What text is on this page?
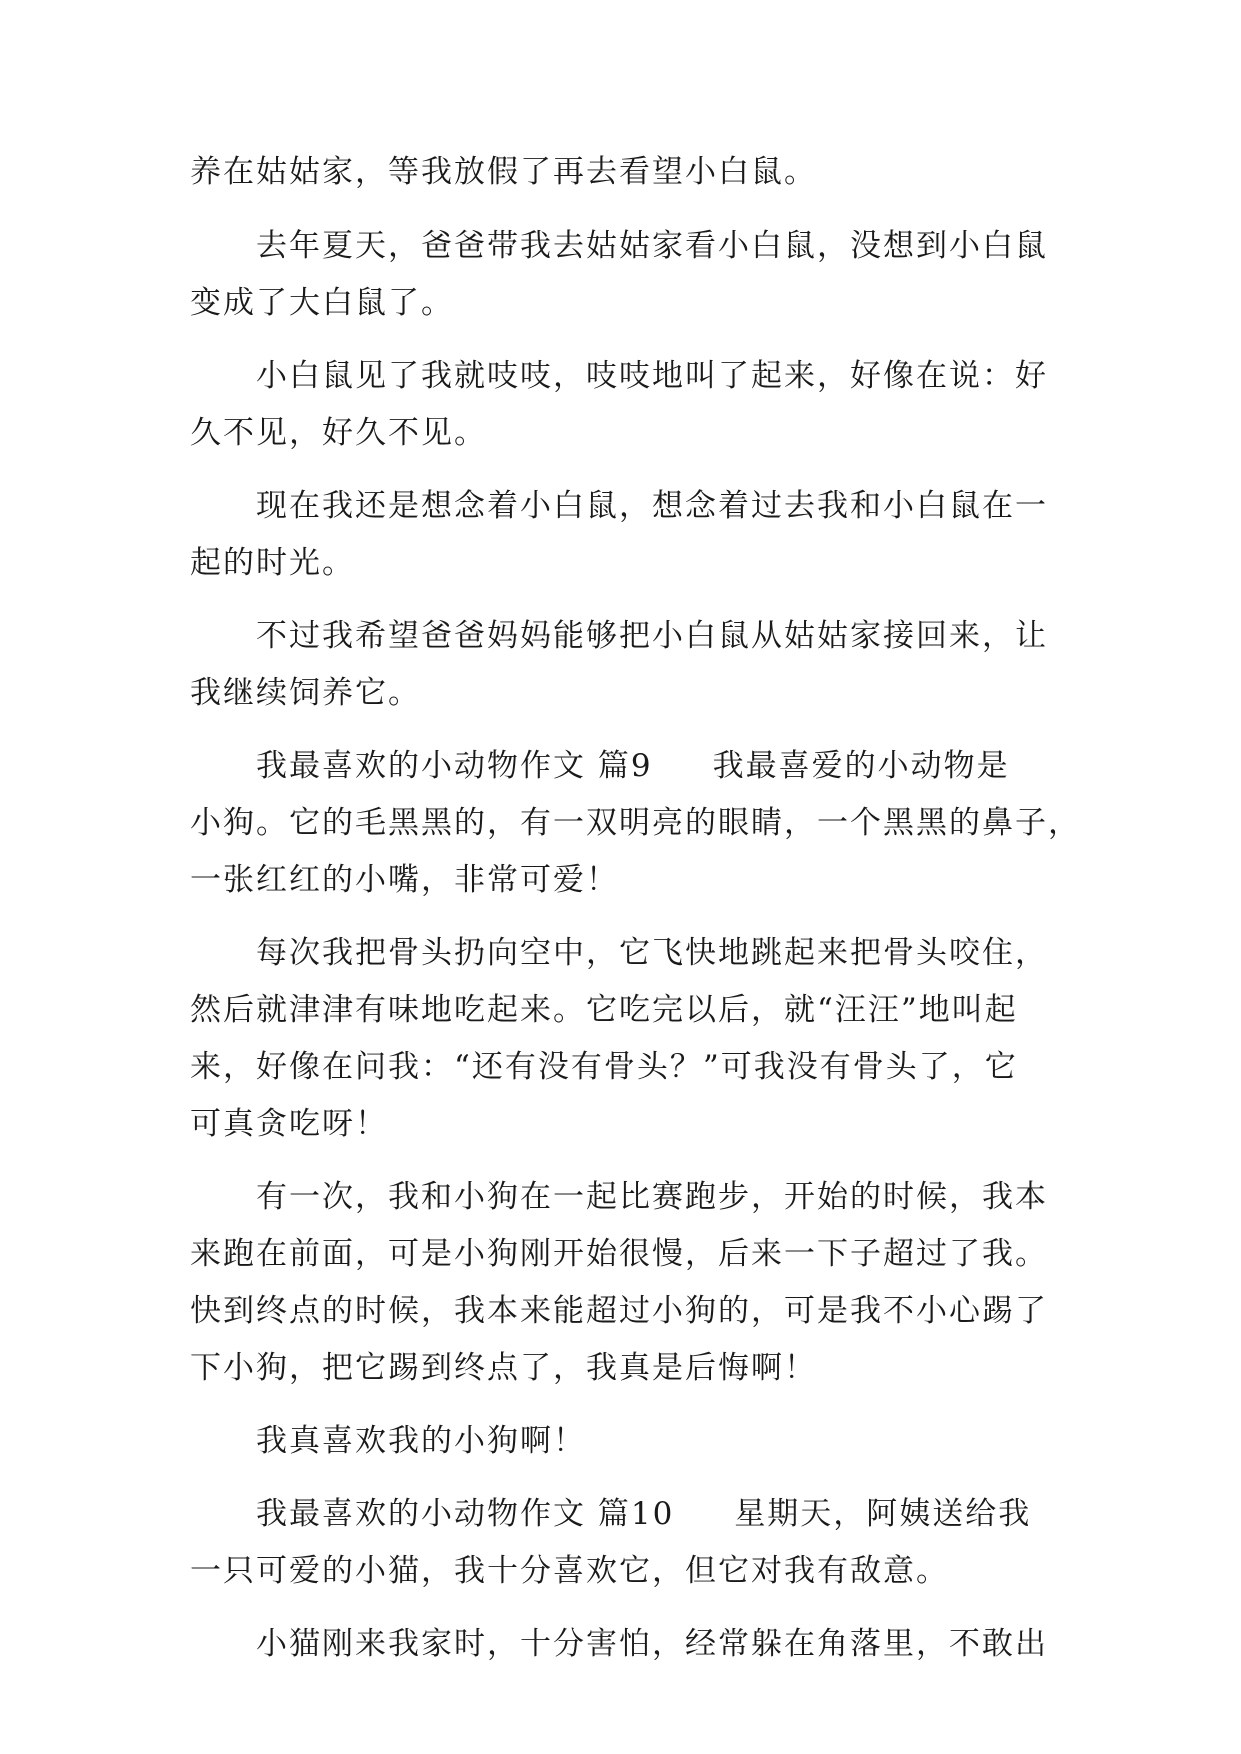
养在姑姑家，等我放假了再去看望小白鼠。
去年夏天，爸爸带我去姑姑家看小白鼠，没想到小白鼠
变成了大白鼠了。
小白鼠见了我就吱吱，吱吱地叫了起来，好像在说：好
久不见，好久不见。
现在我还是想念着小白鼠，想念着过去我和小白鼠在一
起的时光。
不过我希望爸爸妈妈能够把小白鼠从姑姑家接回来，让
我继续饲养它。
我最喜欢的小动物作文 篇9 我最喜爱的小动物是
小狗。它的毛黑黑的，有一双明亮的眼睛，一个黑黑的鼻子，
一张红红的小嘴，非常可爱！
每次我把骨头扔向空中，它飞快地跳起来把骨头咬住，
然后就津津有味地吃起来。它吃完以后，就“汪汪”地叫起
来，好像在问我：“还有没有骨头？”可我没有骨头了，它
可真贪吃呀！
有一次，我和小狗在一起比赛跑步，开始的时候，我本
来跑在前面，可是小狗刚开始很慢，后来一下子超过了我。
快到终点的时候，我本来能超过小狗的，可是我不小心踢了
下小狗，把它踢到终点了，我真是后悔啊！
我真喜欢我的小狗啊！
我最喜欢的小动物作文 篇10 星期天，阿姨送给我
一只可爱的小猫，我十分喜欢它，但它对我有敌意。
小猫刚来我家时，十分害怕，经常躲在角落里，不敢出
